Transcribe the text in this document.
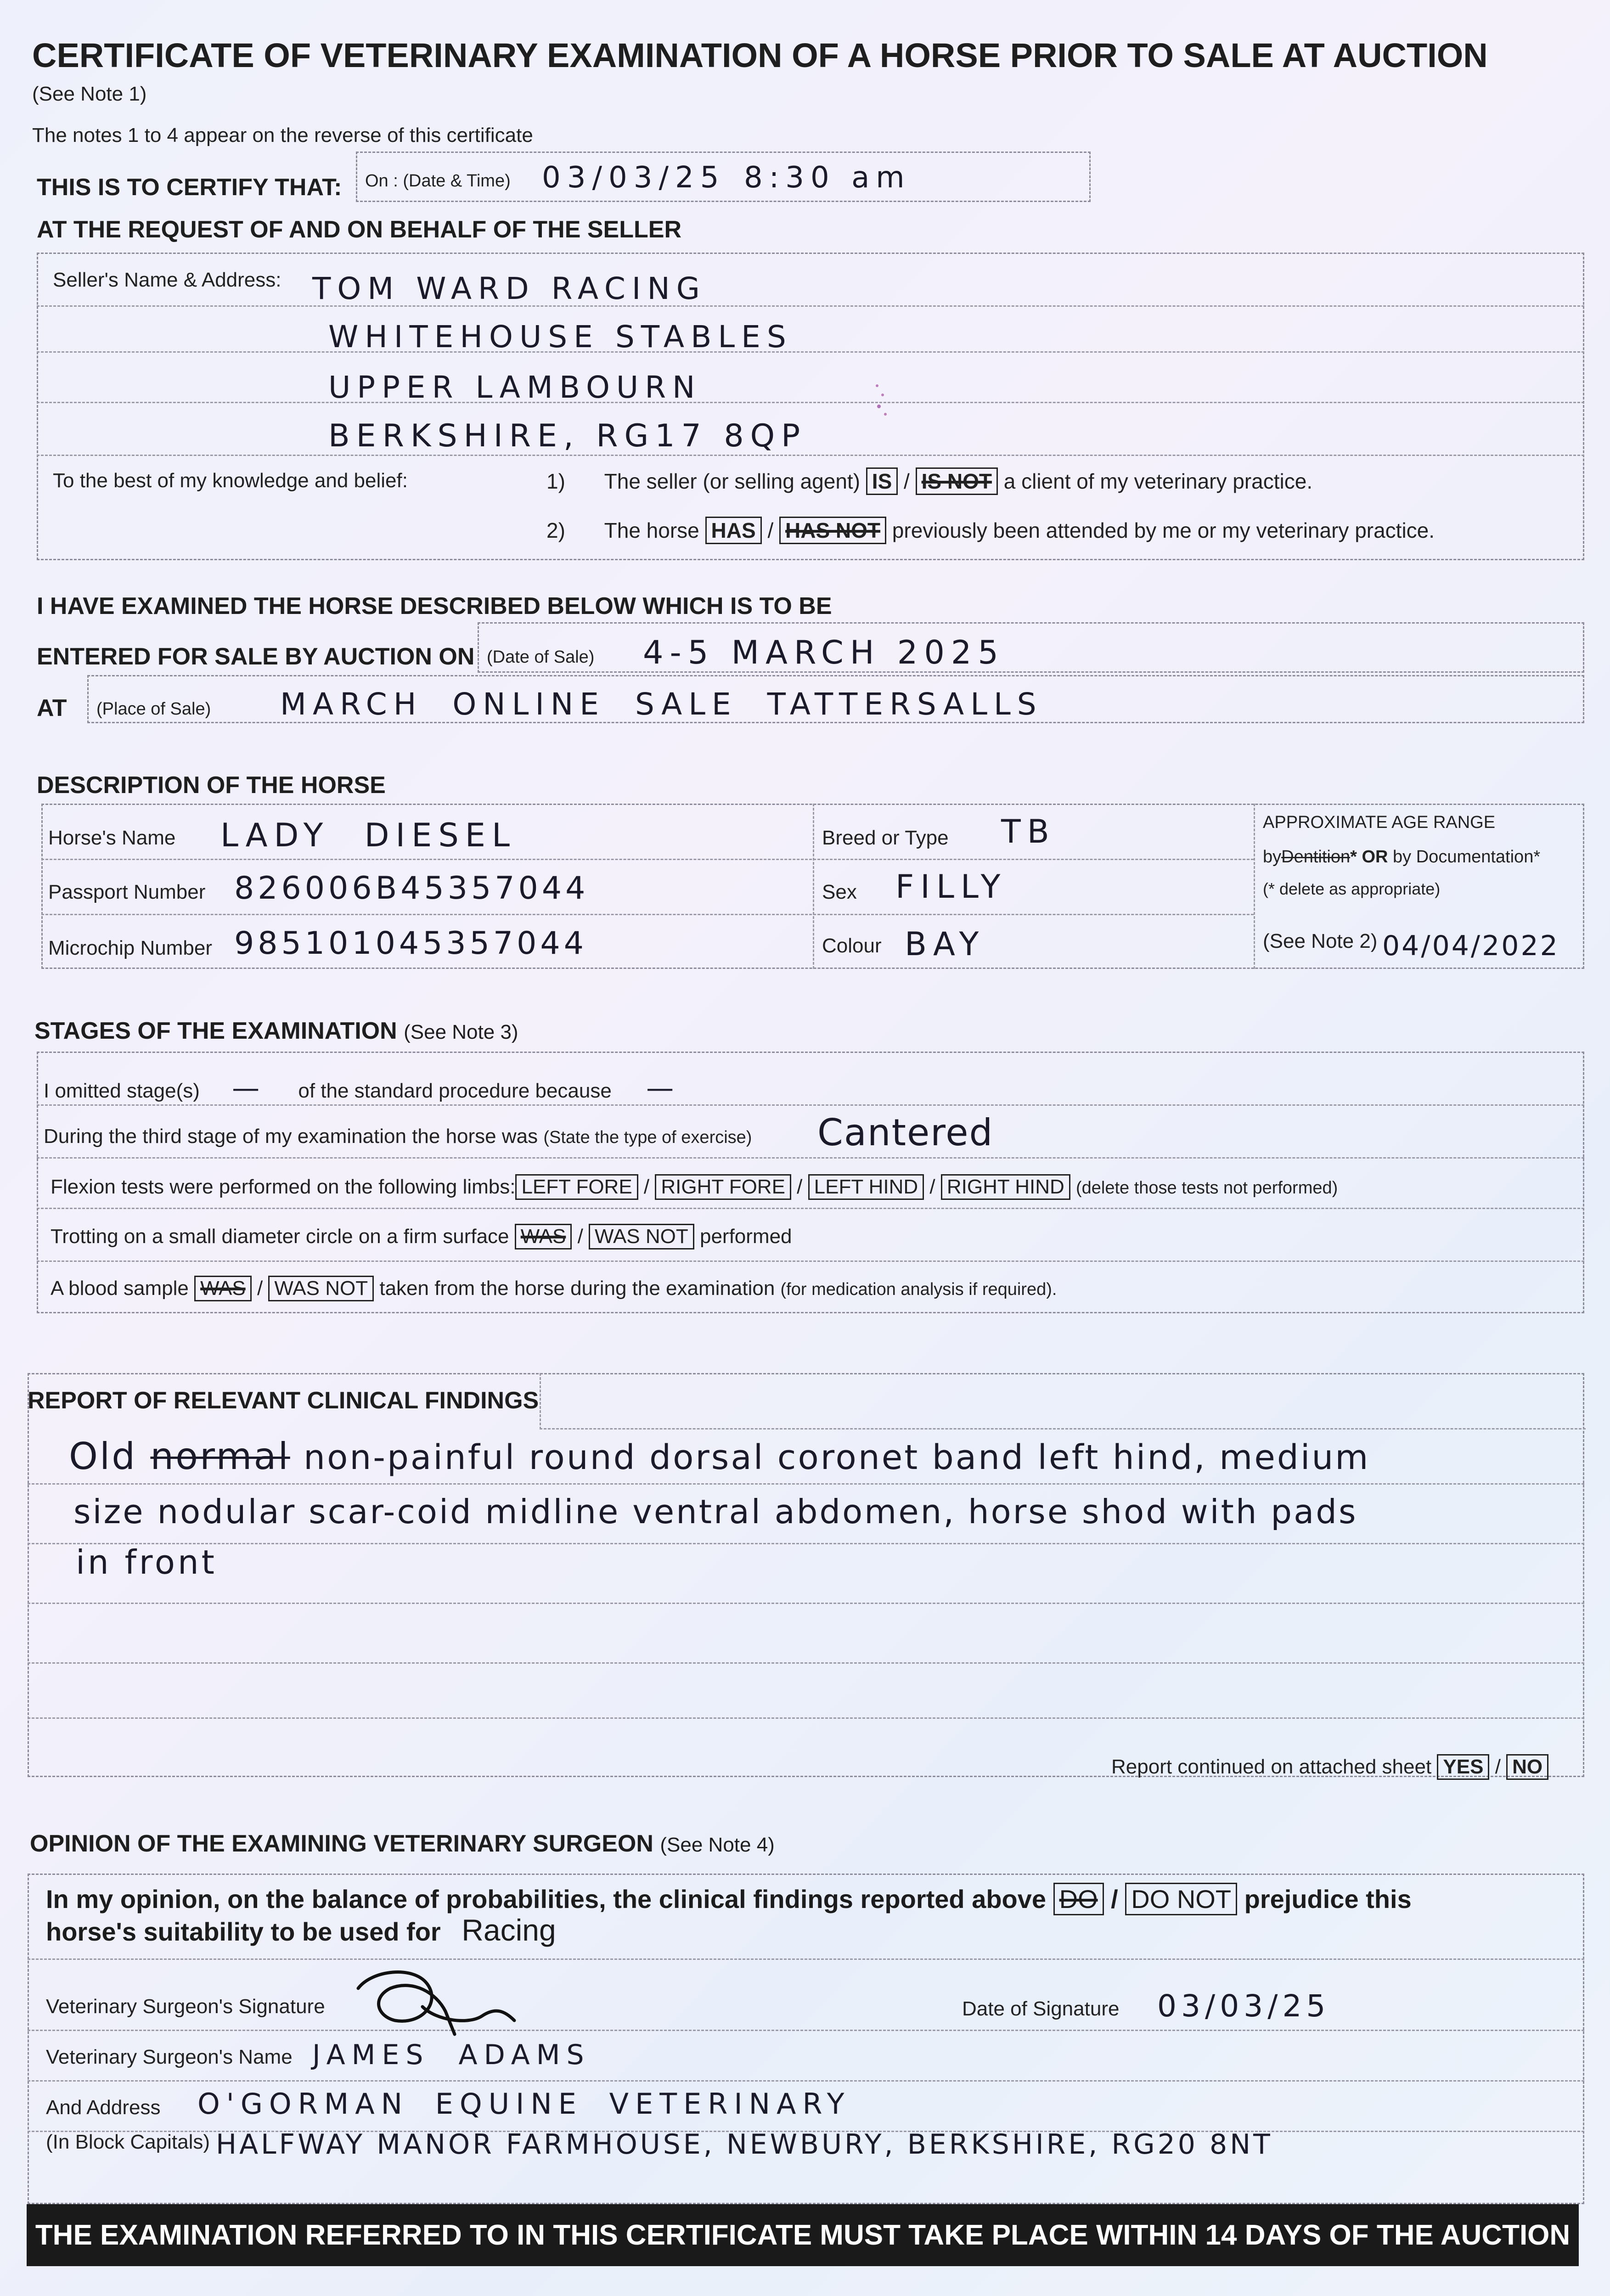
CERTIFICATE OF VETERINARY EXAMINATION OF A HORSE PRIOR TO SALE AT AUCTION
(See Note 1)
The notes 1 to 4 appear on the reverse of this certificate
THIS IS TO CERTIFY THAT: On : (Date & Time) 03/03/25 8:30 am
AT THE REQUEST OF AND ON BEHALF OF THE SELLER
Seller's Name & Address: TOM WARD RACING
WHITEHOUSE STABLES
UPPER LAMBOURN
BERKSHIRE, RG17 8QP
To the best of my knowledge and belief:	1) The seller (or selling agent) IS / IS NOT a client of my veterinary practice.
2) The horse HAS / HAS NOT previously been attended by me or my veterinary practice.
I HAVE EXAMINED THE HORSE DESCRIBED BELOW WHICH IS TO BE
ENTERED FOR SALE BY AUCTION ON (Date of Sale) 4-5 MARCH 2025
AT (Place of Sale) MARCH ONLINE SALE TATTERSALLS
DESCRIPTION OF THE HORSE
Horse's Name LADY DIESEL
Passport Number 826006B45357044
Microchip Number 985101045357044
Breed or Type TB
Sex FILLY
Colour BAY
APPROXIMATE AGE RANGE
byDentition* OR by Documentation*
(* delete as appropriate)
(See Note 2) 04/04/2022
STAGES OF THE EXAMINATION (See Note 3)
I omitted stage(s) — of the standard procedure because —
During the third stage of my examination the horse was (State the type of exercise) Cantered
Flexion tests were performed on the following limbs: LEFT FORE / RIGHT FORE / LEFT HIND / RIGHT HIND (delete those tests not performed)
Trotting on a small diameter circle on a firm surface WAS / WAS NOT performed
A blood sample WAS / WAS NOT taken from the horse during the examination (for medication analysis if required).
REPORT OF RELEVANT CLINICAL FINDINGS
Old normal non-painful round dorsal coronet band left hind, medium
size nodular scar-coid midline ventral abdomen, horse shod with pads
in front
Report continued on attached sheet YES / NO
OPINION OF THE EXAMINING VETERINARY SURGEON (See Note 4)
In my opinion, on the balance of probabilities, the clinical findings reported above DO / DO NOT prejudice this
horse's suitability to be used for Racing
Veterinary Surgeon's Signature	Date of Signature 03/03/25
Veterinary Surgeon's Name JAMES ADAMS
And Address
(In Block Capitals)
O'GORMAN EQUINE VETERINARY
HALFWAY MANOR FARMHOUSE, NEWBURY, BERKSHIRE, RG20 8NT
THE EXAMINATION REFERRED TO IN THIS CERTIFICATE MUST TAKE PLACE WITHIN 14 DAYS OF THE AUCTION
